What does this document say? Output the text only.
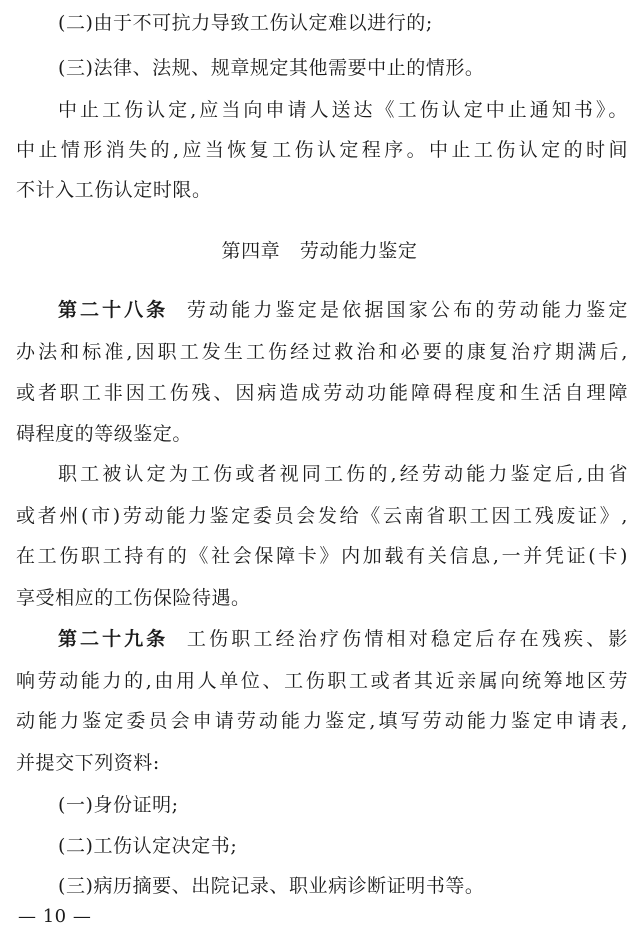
(二)由于不可抗力导致工伤认定难以进行的;
(三)法律、法规、规章规定其他需要中止的情形。
中止工伤认定,应当向申请人送达《工伤认定中止通知书》。
中止情形消失的,应当恢复工伤认定程序。中止工伤认定的时间
不计入工伤认定时限。
第四章　劳动能力鉴定
第二十八条 劳动能力鉴定是依据国家公布的劳动能力鉴定
办法和标准,因职工发生工伤经过救治和必要的康复治疗期满后,
或者职工非因工伤残、因病造成劳动功能障碍程度和生活自理障
碍程度的等级鉴定。
职工被认定为工伤或者视同工伤的,经劳动能力鉴定后,由省
或者州(市)劳动能力鉴定委员会发给《云南省职工因工残废证》,
在工伤职工持有的《社会保障卡》内加载有关信息,一并凭证(卡)
享受相应的工伤保险待遇。
第二十九条 工伤职工经治疗伤情相对稳定后存在残疾、影
响劳动能力的,由用人单位、工伤职工或者其近亲属向统筹地区劳
动能力鉴定委员会申请劳动能力鉴定,填写劳动能力鉴定申请表,
并提交下列资料:
(一)身份证明;
(二)工伤认定决定书;
(三)病历摘要、出院记录、职业病诊断证明书等。
— 10 —
